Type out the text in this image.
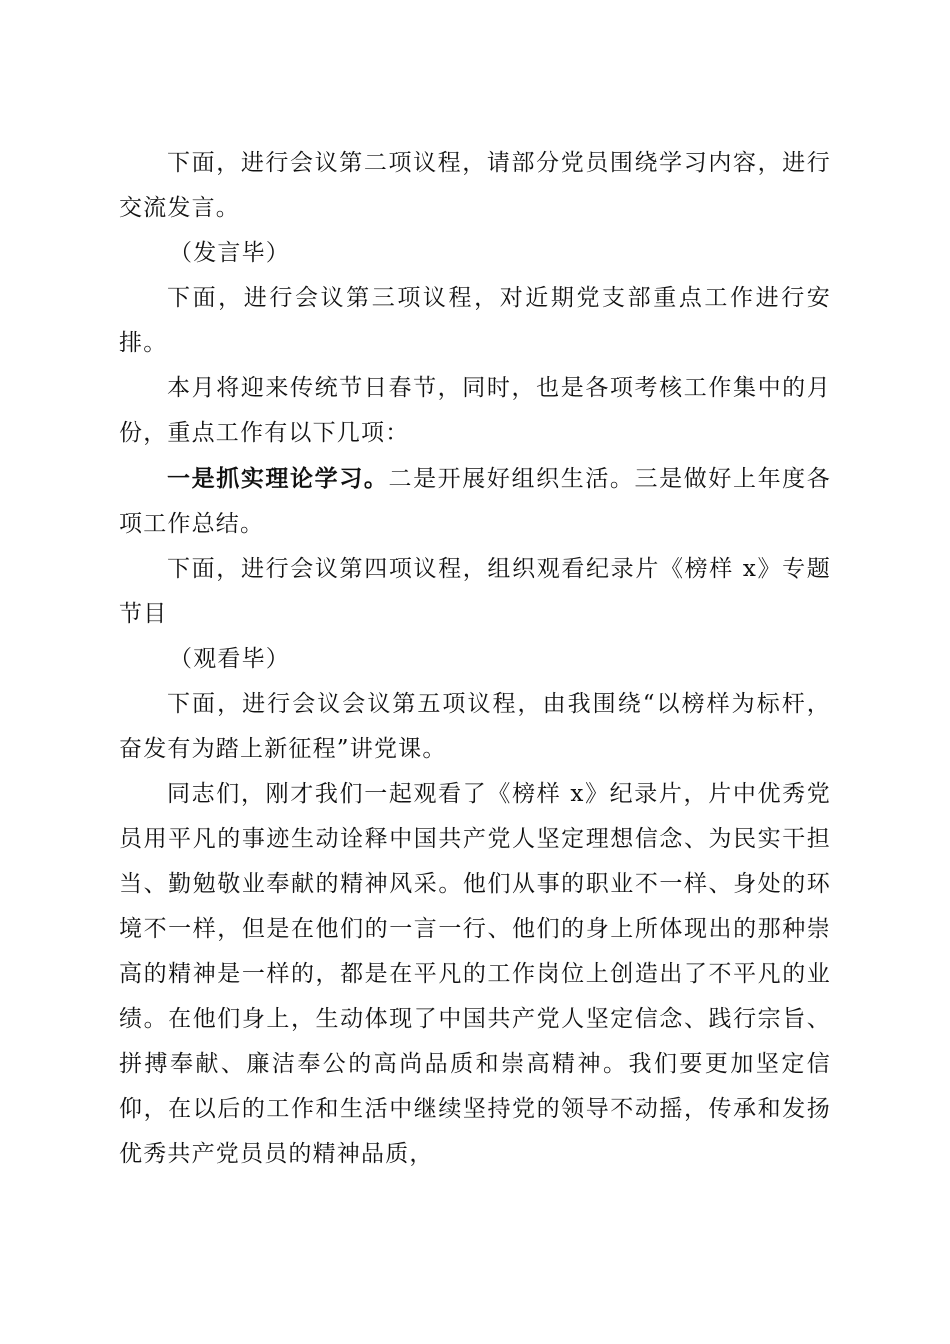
下面，进行会议第二项议程，请部分党员围绕学习内容，进行交流发言。

（发言毕）

下面，进行会议第三项议程，对近期党支部重点工作进行安排。

本月将迎来传统节日春节，同时，也是各项考核工作集中的月份，重点工作有以下几项：

一是抓实理论学习。二是开展好组织生活。三是做好上年度各项工作总结。

下面，进行会议第四项议程，组织观看纪录片《榜样 x》专题节目

（观看毕）

下面，进行会议会议第五项议程，由我围绕“以榜样为标杆，奋发有为踏上新征程”讲党课。

同志们，刚才我们一起观看了《榜样 x》纪录片，片中优秀党员用平凡的事迹生动诠释中国共产党人坚定理想信念、为民实干担当、勤勉敬业奉献的精神风采。他们从事的职业不一样、身处的环境不一样，但是在他们的一言一行、他们的身上所体现出的那种崇高的精神是一样的，都是在平凡的工作岗位上创造出了不平凡的业绩。在他们身上，生动体现了中国共产党人坚定信念、践行宗旨、拼搏奉献、廉洁奉公的高尚品质和崇高精神。我们要更加坚定信仰，在以后的工作和生活中继续坚持党的领导不动摇，传承和发扬优秀共产党员员的精神品质，
